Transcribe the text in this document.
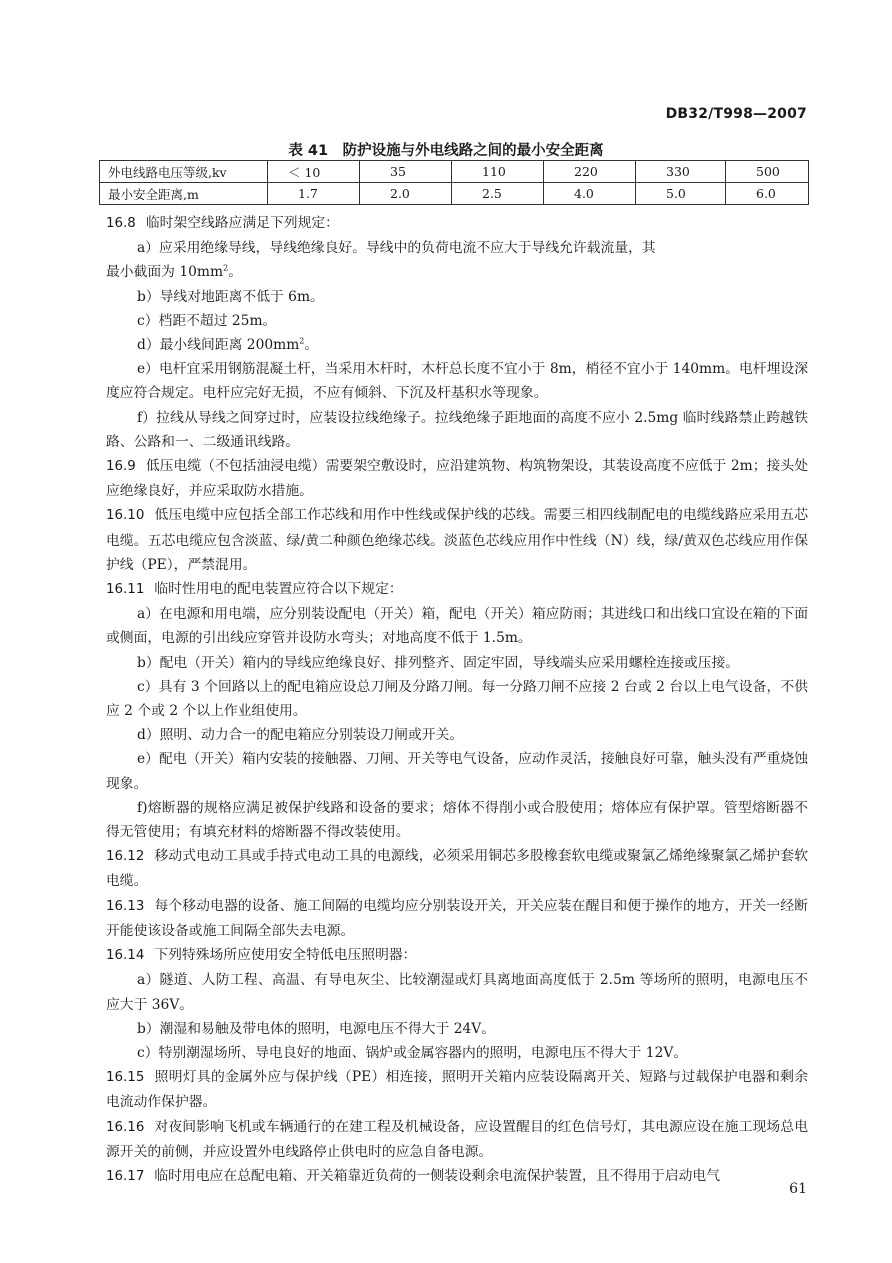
DB32/T998—2007
表 41　防护设施与外电线路之间的最小安全距离
外电线路电压等级,kv	＜ 10	35	110	220	330	500
最小安全距离,m	1.7	2.0	2.5	4.0	5.0	6.0

16.8 临时架空线路应满足下列规定：

a）应采用绝缘导线，导线绝缘良好。导线中的负荷电流不应大于导线允许载流量，其

最小截面为 $10mm^2$。

b）导线对地距离不低于 6m。

c）档距不超过 25m。

d）最小线间距离 $200mm^2$。

e）电杆宜采用钢筋混凝土杆，当采用木杆时，木杆总长度不宜小于 8m，梢径不宜小于 140mm。电杆埋设深度应符合规定。电杆应完好无损，不应有倾斜、下沉及杆基积水等现象。

f）拉线从导线之间穿过时，应装设拉线绝缘子。拉线绝缘子距地面的高度不应小 2.5mg 临时线路禁止跨越铁路、公路和一、二级通讯线路。

16.9 低压电缆（不包括油浸电缆）需要架空敷设时，应沿建筑物、构筑物架设，其装设高度不应低于 2m；接头处应绝缘良好，并应采取防水措施。

16.10 低压电缆中应包括全部工作芯线和用作中性线或保护线的芯线。需要三相四线制配电的电缆线路应采用五芯电缆。五芯电缆应包含淡蓝、绿/黄二种颜色绝缘芯线。淡蓝色芯线应用作中性线（N）线，绿/黄双色芯线应用作保护线（PE），严禁混用。

16.11 临时性用电的配电装置应符合以下规定：

a）在电源和用电端，应分别装设配电（开关）箱，配电（开关）箱应防雨；其进线口和出线口宜设在箱的下面或侧面，电源的引出线应穿管并设防水弯头；对地高度不低于 1.5m。

b）配电（开关）箱内的导线应绝缘良好、排列整齐、固定牢固，导线端头应采用螺栓连接或压接。

c）具有 3 个回路以上的配电箱应设总刀闸及分路刀闸。每一分路刀闸不应接 2 台或 2 台以上电气设备，不供应 2 个或 2 个以上作业组使用。

d）照明、动力合一的配电箱应分别装设刀闸或开关。

e）配电（开关）箱内安装的接触器、刀闸、开关等电气设备，应动作灵活，接触良好可靠，触头没有严重烧蚀现象。

f)熔断器的规格应满足被保护线路和设备的要求；熔体不得削小或合股使用；熔体应有保护罩。管型熔断器不得无管使用；有填充材料的熔断器不得改装使用。

16.12 移动式电动工具或手持式电动工具的电源线，必须采用铜芯多股橡套软电缆或聚氯乙烯绝缘聚氯乙烯护套软电缆。

16.13 每个移动电器的设备、施工间隔的电缆均应分别装设开关，开关应装在醒目和便于操作的地方，开关一经断开能使该设备或施工间隔全部失去电源。

16.14 下列特殊场所应使用安全特低电压照明器：

a）隧道、人防工程、高温、有导电灰尘、比较潮湿或灯具离地面高度低于 2.5m 等场所的照明，电源电压不应大于 36V。

b）潮湿和易触及带电体的照明，电源电压不得大于 24V。

c）特别潮湿场所、导电良好的地面、锅炉或金属容器内的照明，电源电压不得大于 12V。

16.15 照明灯具的金属外应与保护线（PE）相连接，照明开关箱内应装设隔离开关、短路与过载保护电器和剩余电流动作保护器。

16.16 对夜间影响飞机或车辆通行的在建工程及机械设备，应设置醒目的红色信号灯，其电源应设在施工现场总电源开关的前侧，并应设置外电线路停止供电时的应急自备电源。

16.17 临时用电应在总配电箱、开关箱靠近负荷的一侧装设剩余电流保护装置，且不得用于启动电气

61
